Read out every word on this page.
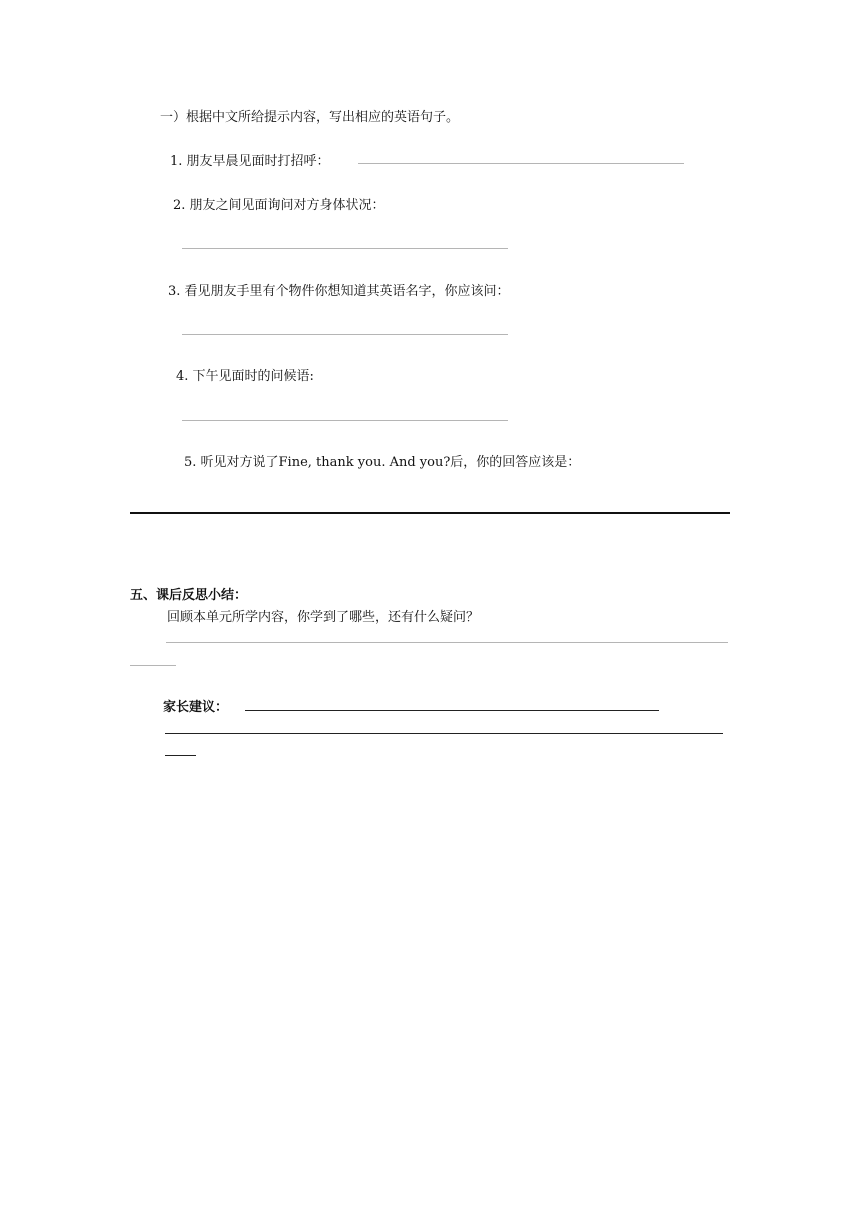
一）根据中文所给提示内容，写出相应的英语句子。
1. 朋友早晨见面时打招呼：
2. 朋友之间见面询问对方身体状况：
3. 看见朋友手里有个物件你想知道其英语名字，你应该问：
4. 下午见面时的问候语:
5. 听见对方说了Fine, thank you. And you?后，你的回答应该是：
五、课后反思小结：
回顾本单元所学内容，你学到了哪些，还有什么疑问？
家长建议：
